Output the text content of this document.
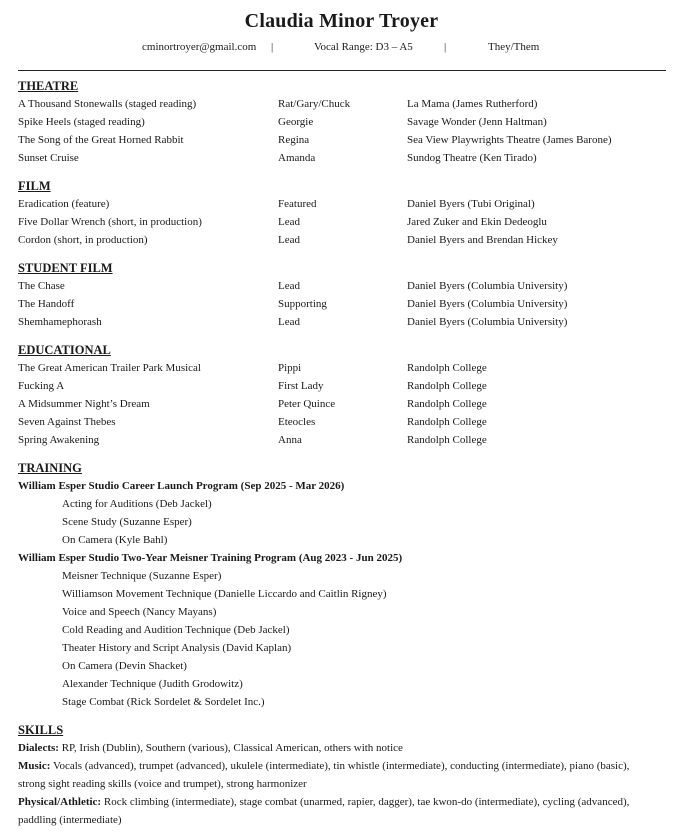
Claudia Minor Troyer
cminortroyer@gmail.com |	Vocal Range: D3 – A5	|	They/Them
THEATRE
A Thousand Stonewalls (staged reading)	Rat/Gary/Chuck	La Mama (James Rutherford)
Spike Heels (staged reading)	Georgie	Savage Wonder (Jenn Haltman)
The Song of the Great Horned Rabbit	Regina	Sea View Playwrights Theatre (James Barone)
Sunset Cruise	Amanda	Sundog Theatre (Ken Tirado)
FILM
Eradication (feature)	Featured	Daniel Byers (Tubi Original)
Five Dollar Wrench (short, in production)	Lead	Jared Zuker and Ekin Dedeoglu
Cordon (short, in production)	Lead	Daniel Byers and Brendan Hickey
STUDENT FILM
The Chase	Lead	Daniel Byers (Columbia University)
The Handoff	Supporting	Daniel Byers (Columbia University)
Shemhamephorash	Lead	Daniel Byers (Columbia University)
EDUCATIONAL
The Great American Trailer Park Musical	Pippi	Randolph College
Fucking A	First Lady	Randolph College
A Midsummer Night’s Dream	Peter Quince	Randolph College
Seven Against Thebes	Eteocles	Randolph College
Spring Awakening	Anna	Randolph College
TRAINING
William Esper Studio Career Launch Program (Sep 2025 - Mar 2026)
Acting for Auditions (Deb Jackel)
Scene Study (Suzanne Esper)
On Camera (Kyle Bahl)
William Esper Studio Two-Year Meisner Training Program (Aug 2023 - Jun 2025)
Meisner Technique (Suzanne Esper)
Williamson Movement Technique (Danielle Liccardo and Caitlin Rigney)
Voice and Speech (Nancy Mayans)
Cold Reading and Audition Technique (Deb Jackel)
Theater History and Script Analysis (David Kaplan)
On Camera (Devin Shacket)
Alexander Technique (Judith Grodowitz)
Stage Combat (Rick Sordelet & Sordelet Inc.)
SKILLS
Dialects: RP, Irish (Dublin), Southern (various), Classical American, others with notice
Music: Vocals (advanced), trumpet (advanced), ukulele (intermediate), tin whistle (intermediate), conducting (intermediate), piano (basic), strong sight reading skills (voice and trumpet), strong harmonizer
Physical/Athletic: Rock climbing (intermediate), stage combat (unarmed, rapier, dagger), tae kwon-do (intermediate), cycling (advanced), paddling (intermediate)
